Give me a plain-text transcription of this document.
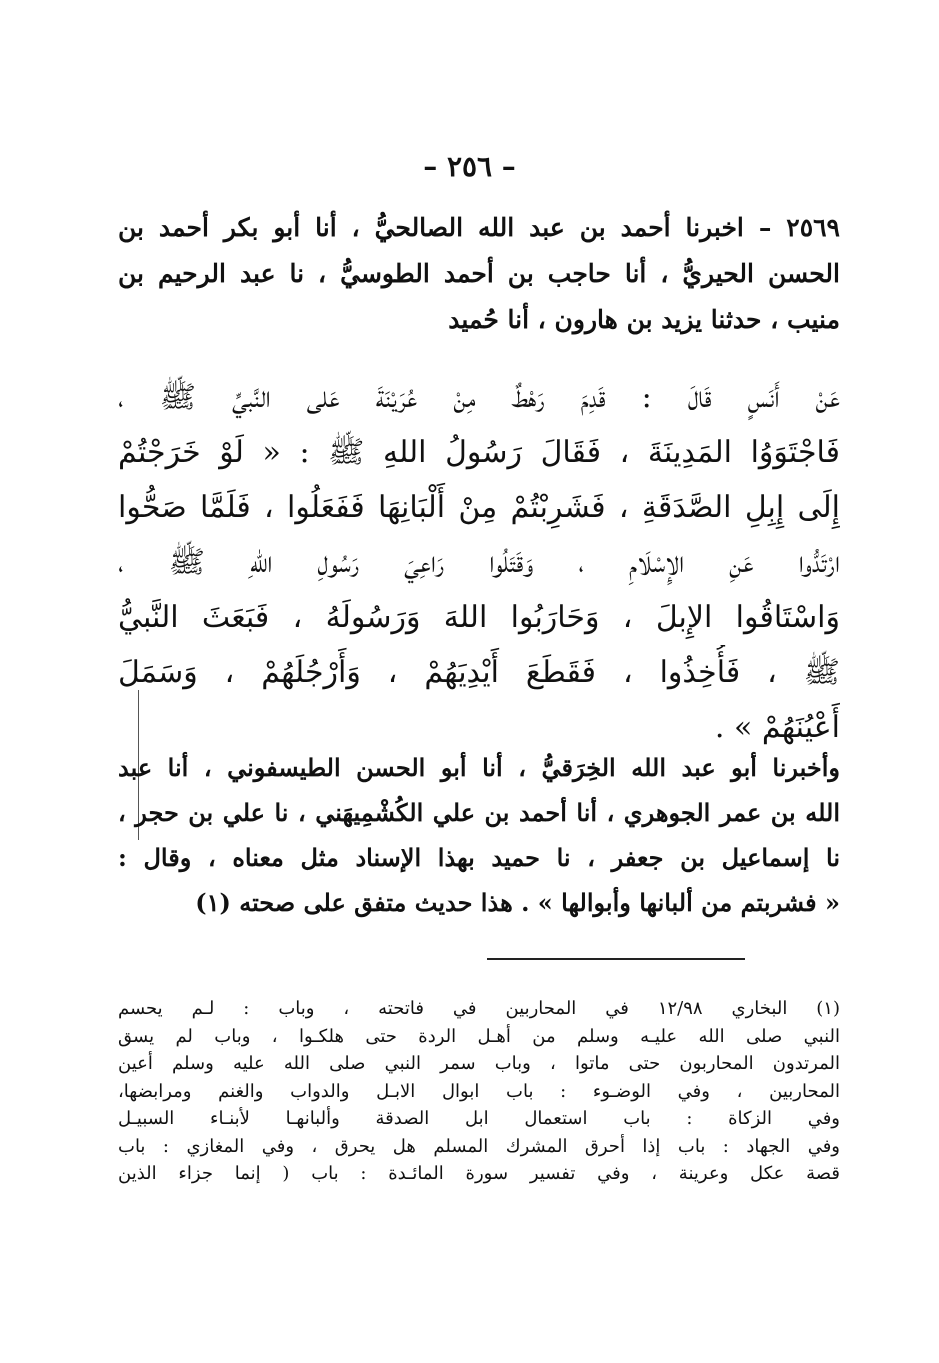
– ٢٥٦ –
٢٥٦٩ – اخبرنا أحمد بن عبد الله الصالحيُّ ، أنا أبو بكر أحمد بن
الحسن الحيريُّ ، أنا حاجب بن أحمد الطوسيُّ ، نا عبد الرحيم بن
منيب ، حدثنا يزيد بن هارون ، أنا حُميد
عَنْ أَنَسٍ قَالَ : قَدِمَ رَهْطٌ مِنْ عُرَيْنَةَ عَلى النَّبيِّ ﷺ ،
فَاجْتَوَوُا المَدِينَةَ ، فَقَالَ رَسُولُ اللهِ ﷺ : « لَوْ خَرَجْتُمْ
إِلَى إِبِلِ الصَّدَقَةِ ، فَشَرِبْتُمْ مِنْ أَلْبَانِهَا فَفَعَلُوا ، فَلَمَّا صَحُّوا
ارْتَدُّوا عَنِ الإِسْلَامِ ، وَقَتَلُوا رَاعِيَ رَسُولِ اللهِ ﷺ ،
وَاسْتَاقُوا الإِبلَ ، وَحَارَبُوا اللهَ وَرَسُولَهُ ، فَبَعَثَ النَّبيُّ
ﷺ ، فَأُخِذُوا ، فَقَطَعَ أَيْدِيَهُمْ ، وَأَرْجُلَهُمْ ، وَسَمَلَ
أَعْيُنَهُمْ » .
وأخبرنا أبو عبد الله الخِرَقيُّ ، أنا أبو الحسن الطيسفوني ، أنا عبد
الله بن عمر الجوهري ، أنا أحمد بن علي الكُشْمِيهَني ، نا علي بن حجر ،
نا إسماعيل بن جعفر ، نا حميد بهذا الإسناد مثل معناه ، وقال :
« فشربتم من ألبانها وأبوالها » . هذا حديث متفق على صحته (١)
(١) البخاري ١٢/٩٨ في المحاربين في فاتحته ، وباب : لـم يحسم
النبي صلى الله عليـه وسلم من أهـل الردة حتى هلكـوا ، وباب لم يسق
المرتدون المحاربون حتى ماتوا ، وباب سمر النبي صلى الله عليه وسلم أعين
المحاربين ، وفي الوضـوء : باب ابوال الابـل والدواب والغنم ومرابضها،
وفي الزكاة : باب استعمال ابل الصدقة وألبانهـا لأبنـاء السبيـل
وفي الجهاد : باب إذا أحرق المشرك المسلم هل يحرق ، وفي المغازي : باب
قصة عكل وعرينة ، وفي تفسير سورة المائـدة : باب ( إنما جزاء الذين
